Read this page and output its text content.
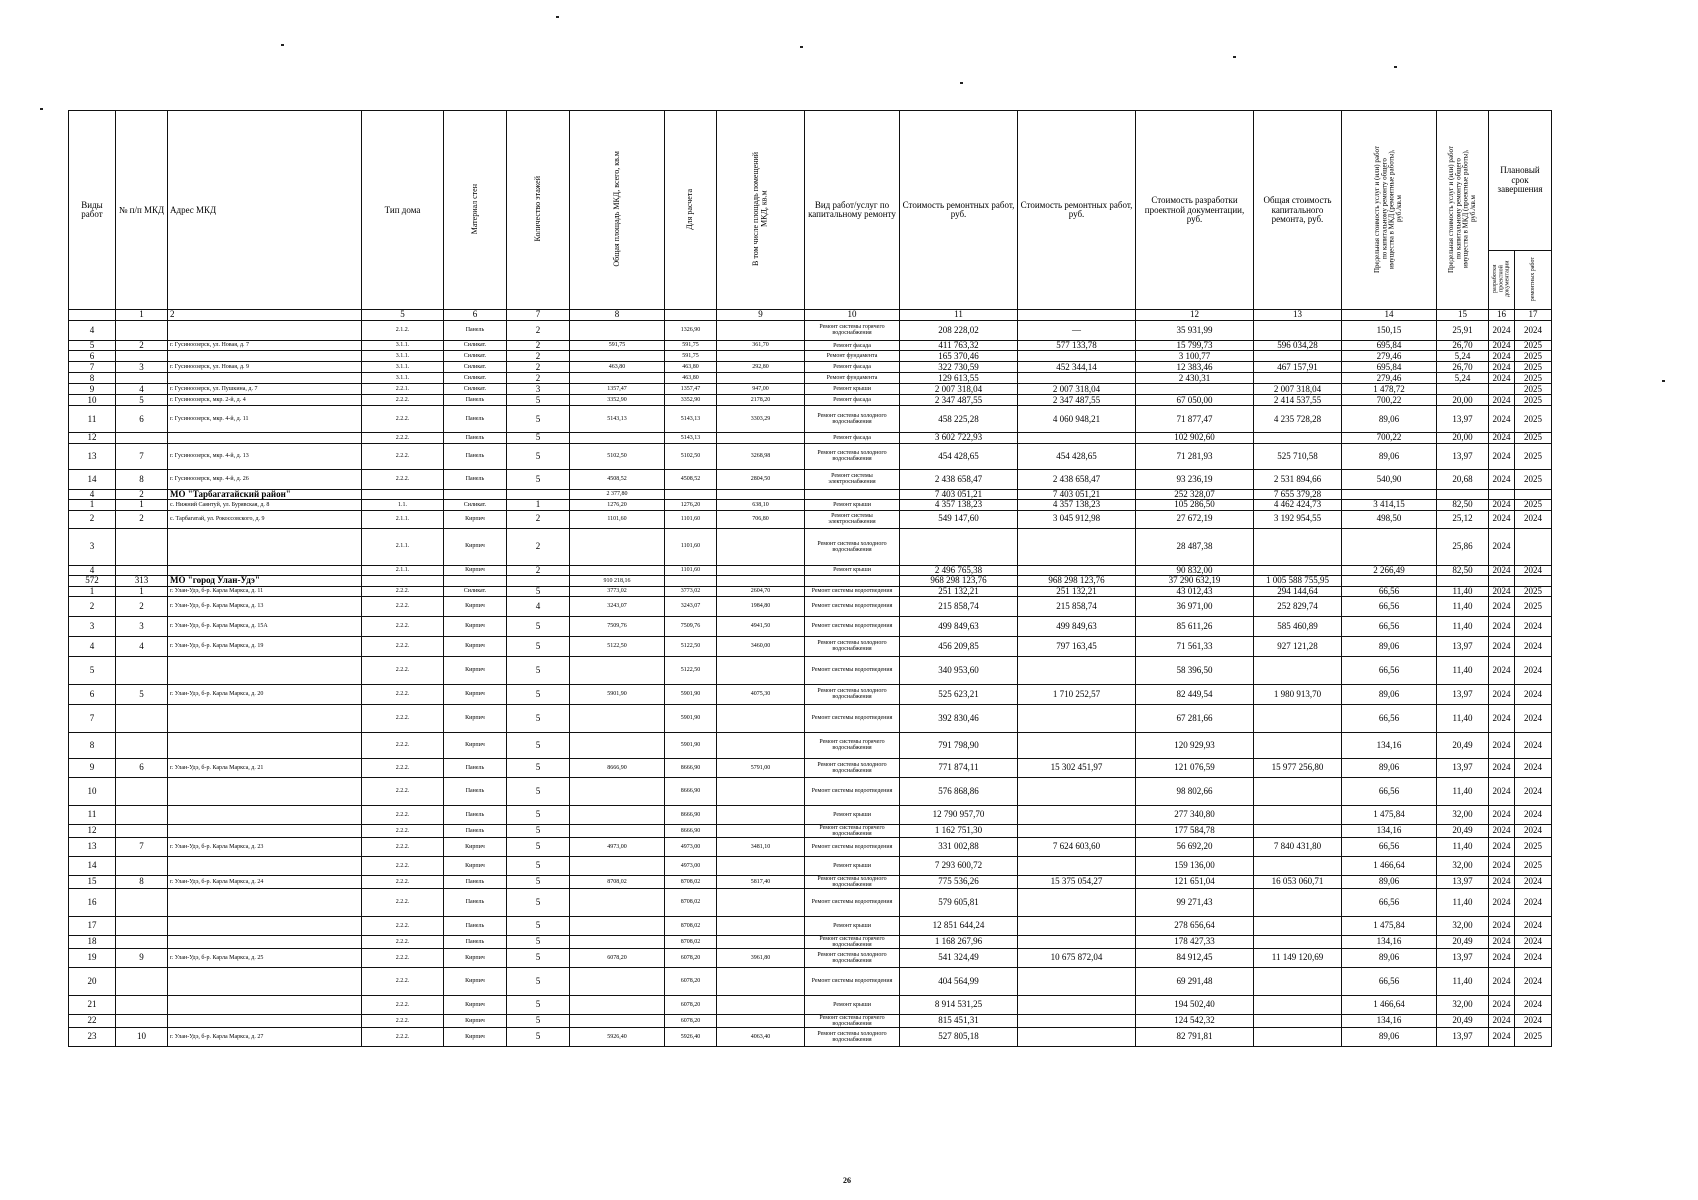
Виды работ	№ п/п МКД	Адрес МКД	Тип дома	Материал стен	Количество этажей	Общая площадь МКД, всего, кв.м	Для расчета	В том числе площадь помещений МКД, кв.м	Вид работ/услуг по капитальному ремонту	Стоимость ремонтных работ, руб.	Стоимость ремонтных работ, руб.	Стоимость разработки проектной документации, руб.	Общая стоимость капитального ремонта, руб.	Предельная стоимость услуг и (или) работ по капитальному ремонту общего имущества в МКД (ремонтные работы), руб./кв.м	Предельная стоимость услуг и (или) работ по капитальному ремонту общего имущества в МКД (проектные работы), руб./кв.м	Плановый срок завершения	
																разработки проектной документации	ремонтных работ
	1	2	5	6	7	8		9	10	11		12	13	14	15	16	17
4			2.1.2.	Панель	2		1326,90		Ремонт системы горячего водоснабжения	208 228,02	—	35 931,99		150,15	25,91	2024	2024
5	2	г. Гусиноозерск, ул. Новая, д. 7	3.1.1.	Силикат.	2	591,75	591,75	361,70	Ремонт фасада	411 763,32	577 133,78	15 799,73	596 034,28	695,84	26,70	2024	2025
6			3.1.1.	Силикат.	2		591,75		Ремонт фундамента	165 370,46		3 100,77		279,46	5,24	2024	2025
7	3	г. Гусиноозерск, ул. Новая, д. 9	3.1.1.	Силикат.	2	463,80	463,80	292,80	Ремонт фасада	322 730,59	452 344,14	12 383,46	467 157,91	695,84	26,70	2024	2025
8			3.1.1.	Силикат.	2		463,80		Ремонт фундамента	129 613,55		2 430,31		279,46	5,24	2024	2025
9	4	г. Гусиноозерск, ул. Пушкина, д. 7	2.2.1.	Силикат.	3	1357,47	1357,47	947,00	Ремонт крыши	2 007 318,04	2 007 318,04		2 007 318,04	1 478,72			2025
10	5	г. Гусиноозерск, мкр. 2-й, д. 4	2.2.2.	Панель	5	3352,90	3352,90	2178,20	Ремонт фасада	2 347 487,55	2 347 487,55	67 050,00	2 414 537,55	700,22	20,00	2024	2025
11	6	г. Гусиноозерск, мкр. 4-й, д. 11	2.2.2.	Панель	5	5143,13	5143,13	3303,29	Ремонт системы холодного водоснабжения	458 225,28	4 060 948,21	71 877,47	4 235 728,28	89,06	13,97	2024	2025
12			2.2.2.	Панель	5		5143,13		Ремонт фасада	3 602 722,93		102 902,60		700,22	20,00	2024	2025
13	7	г. Гусиноозерск, мкр. 4-й, д. 13	2.2.2.	Панель	5	5102,50	5102,50	3268,98	Ремонт системы холодного водоснабжения	454 428,65	454 428,65	71 281,93	525 710,58	89,06	13,97	2024	2025
14	8	г. Гусиноозерск, мкр. 4-й, д. 26	2.2.2.	Панель	5	4508,52	4508,52	2804,50	Ремонт системы электроснабжения	2 438 658,47	2 438 658,47	93 236,19	2 531 894,66	540,90	20,68	2024	2025
4	2	МО "Тарбагатайский район"				2 377,80				7 403 051,21	7 403 051,21	252 328,07	7 655 379,28				
1	1	с. Нижний Саянтуй, ул. Бурявская, д. 8	1.1.	Силикат.	1	1276,20	1276,20	638,10	Ремонт крыши	4 357 138,23	4 357 138,23	105 286,50	4 462 424,73	3 414,15	82,50	2024	2025
2	2	с. Тарбагатай, ул. Рокоссовского, д. 9	2.1.1.	Кирпич	2	1101,60	1101,60	706,80	Ремонт системы электроснабжения	549 147,60	3 045 912,98	27 672,19	3 192 954,55	498,50	25,12	2024	2024
3			2.1.1.	Кирпич	2		1101,60		Ремонт системы холодного водоснабжения			28 487,38			25,86	2024	
4			2.1.1.	Кирпич	2		1101,60		Ремонт крыши	2 496 765,38		90 832,00		2 266,49	82,50	2024	2024
572	313	МО "город Улан-Удэ"				910 218,16				968 298 123,76	968 298 123,76	37 290 632,19	1 005 588 755,95				
1	1	г. Улан-Удэ, б-р. Карла Маркса, д. 11	2.2.2.	Силикат.	5	3773,02	3773,02	2604,70	Ремонт системы водоотведения	251 132,21	251 132,21	43 012,43	294 144,64	66,56	11,40	2024	2025
2	2	г. Улан-Удэ, б-р. Карла Маркса, д. 13	2.2.2.	Кирпич	4	3243,07	3243,07	1984,80	Ремонт системы водоотведения	215 858,74	215 858,74	36 971,00	252 829,74	66,56	11,40	2024	2025
3	3	г. Улан-Удэ, б-р. Карла Маркса, д. 15А	2.2.2.	Кирпич	5	7509,76	7509,76	4941,50	Ремонт системы водоотведения	499 849,63	499 849,63	85 611,26	585 460,89	66,56	11,40	2024	2024
4	4	г. Улан-Удэ, б-р. Карла Маркса, д. 19	2.2.2.	Кирпич	5	5122,50	5122,50	3460,00	Ремонт системы холодного водоснабжения	456 209,85	797 163,45	71 561,33	927 121,28	89,06	13,97	2024	2024
5			2.2.2.	Кирпич	5		5122,50		Ремонт системы водоотведения	340 953,60		58 396,50		66,56	11,40	2024	2024
6	5	г. Улан-Удэ, б-р. Карла Маркса, д. 20	2.2.2.	Кирпич	5	5901,90	5901,90	4075,30	Ремонт системы холодного водоснабжения	525 623,21	1 710 252,57	82 449,54	1 980 913,70	89,06	13,97	2024	2024
7			2.2.2.	Кирпич	5		5901,90		Ремонт системы водоотведения	392 830,46		67 281,66		66,56	11,40	2024	2024
8			2.2.2.	Кирпич	5		5901,90		Ремонт системы горячего водоснабжения	791 798,90		120 929,93		134,16	20,49	2024	2024
9	6	г. Улан-Удэ, б-р. Карла Маркса, д. 21	2.2.2.	Панель	5	8666,90	8666,90	5791,00	Ремонт системы холодного водоснабжения	771 874,11	15 302 451,97	121 076,59	15 977 256,80	89,06	13,97	2024	2024
10			2.2.2.	Панель	5		8666,90		Ремонт системы водоотведения	576 868,86		98 802,66		66,56	11,40	2024	2024
11			2.2.2.	Панель	5		8666,90		Ремонт крыши	12 790 957,70		277 340,80		1 475,84	32,00	2024	2024
12			2.2.2.	Панель	5		8666,90		Ремонт системы горячего водоснабжения	1 162 751,30		177 584,78		134,16	20,49	2024	2024
13	7	г. Улан-Удэ, б-р. Карла Маркса, д. 23	2.2.2.	Кирпич	5	4973,00	4973,00	3481,10	Ремонт системы водоотведения	331 002,88	7 624 603,60	56 692,20	7 840 431,80	66,56	11,40	2024	2025
14			2.2.2.	Кирпич	5		4973,00		Ремонт крыши	7 293 600,72		159 136,00		1 466,64	32,00	2024	2025
15	8	г. Улан-Удэ, б-р. Карла Маркса, д. 24	2.2.2.	Панель	5	8708,02	8708,02	5817,40	Ремонт системы холодного водоснабжения	775 536,26	15 375 054,27	121 651,04	16 053 060,71	89,06	13,97	2024	2024
16			2.2.2.	Панель	5		8708,02		Ремонт системы водоотведения	579 605,81		99 271,43		66,56	11,40	2024	2024
17			2.2.2.	Панель	5		8708,02		Ремонт крыши	12 851 644,24		278 656,64		1 475,84	32,00	2024	2024
18			2.2.2.	Панель	5		8708,02		Ремонт системы горячего водоснабжения	1 168 267,96		178 427,33		134,16	20,49	2024	2024
19	9	г. Улан-Удэ, б-р. Карла Маркса, д. 25	2.2.2.	Кирпич	5	6078,20	6078,20	3961,80	Ремонт системы холодного водоснабжения	541 324,49	10 675 872,04	84 912,45	11 149 120,69	89,06	13,97	2024	2024
20			2.2.2.	Кирпич	5		6078,20		Ремонт системы водоотведения	404 564,99		69 291,48		66,56	11,40	2024	2024
21			2.2.2.	Кирпич	5		6078,20		Ремонт крыши	8 914 531,25		194 502,40		1 466,64	32,00	2024	2024
22			2.2.2.	Кирпич	5		6078,20		Ремонт системы горячего водоснабжения	815 451,31		124 542,32		134,16	20,49	2024	2024
23	10	г. Улан-Удэ, б-р. Карла Маркса, д. 27	2.2.2.	Кирпич	5	5926,40	5926,40	4063,40	Ремонт системы холодного водоснабжения	527 805,18		82 791,81		89,06	13,97	2024	2025
26
